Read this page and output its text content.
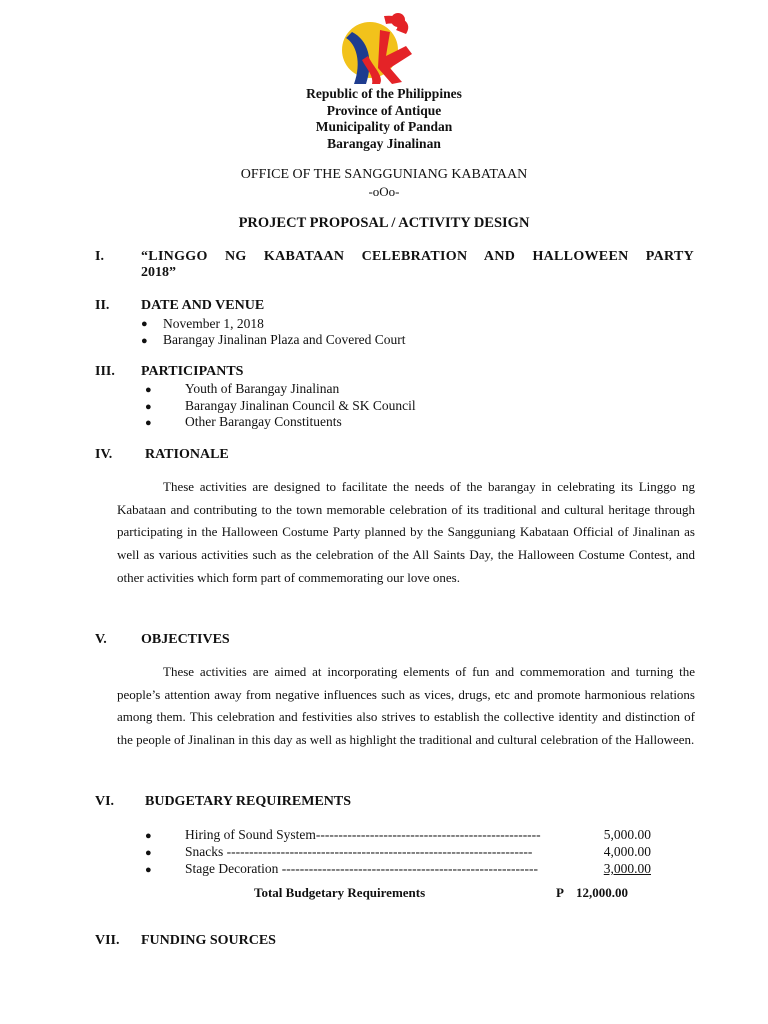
Republic of the Philippines
Province of Antique
Municipality of Pandan
Barangay Jinalinan
OFFICE OF THE SANGGUNIANG KABATAAN
-oOo-
PROJECT PROPOSAL / ACTIVITY DESIGN
I.	“LINGGO NG KABATAAN CELEBRATION AND HALLOWEEN PARTY
2018”
II. DATE AND VENUE
● November 1, 2018
● Barangay Jinalinan Plaza and Covered Court
III. PARTICIPANTS
● Youth of Barangay Jinalinan
● Barangay Jinalinan Council & SK Council
● Other Barangay Constituents
IV. RATIONALE
These activities are designed to facilitate the needs of the barangay in celebrating its Linggo ng Kabataan and contributing to the town memorable celebration of its traditional and cultural heritage through participating in the Halloween Costume Party planned by the Sangguniang Kabataan Official of Jinalinan as well as various activities such as the celebration of the All Saints Day, the Halloween Costume Contest, and other activities which form part of commemorating our love ones.
V. OBJECTIVES
These activities are aimed at incorporating elements of fun and commemoration and turning the people’s attention away from negative influences such as vices, drugs, etc and promote harmonious relations among them. This celebration and festivities also strives to establish the collective identity and distinction of the people of Jinalinan in this day as well as highlight the traditional and cultural celebration of the Halloween.
VI. BUDGETARY REQUIREMENTS
● Hiring of Sound System --------------------------------------------------	5,000.00
● Snacks --------------------------------------------------------------------	4,000.00
● Stage Decoration ---------------------------------------------------------	3,000.00
Total Budgetary Requirements	P 12,000.00
VII. FUNDING SOURCES
